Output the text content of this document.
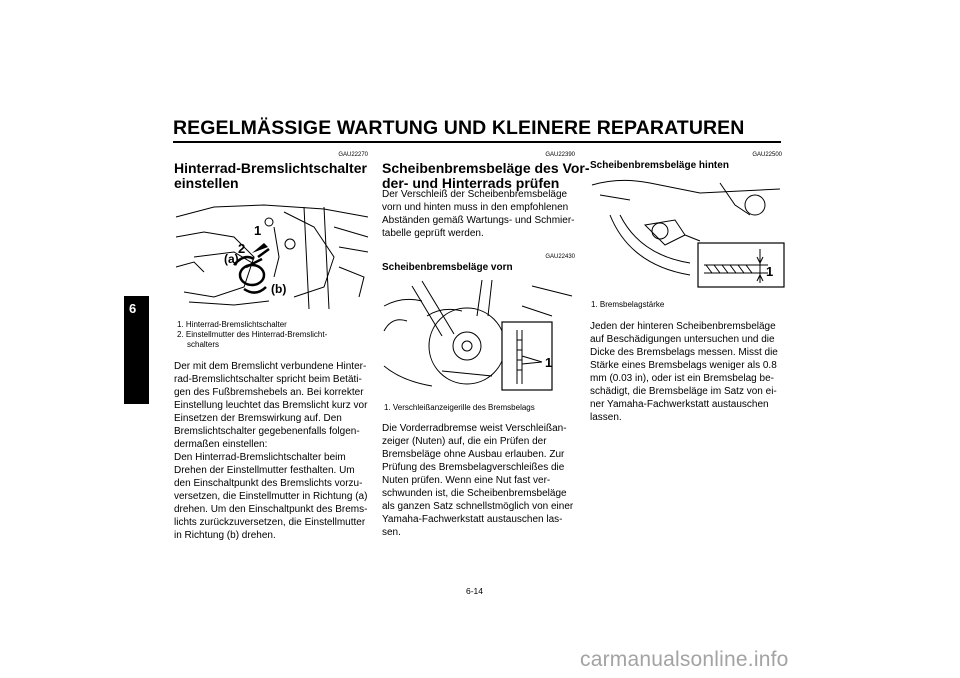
REGELMÄSSIGE WARTUNG UND KLEINERE REPARATUREN
6
GAU22270
Hinterrad-Bremslichtschalter
einstellen
1
2
(a)
(b)
1. Hinterrad-Bremslichtschalter
2. Einstellmutter des Hinterrad-Bremslicht-
schalters
Der mit dem Bremslicht verbundene Hinter-
rad-Bremslichtschalter spricht beim Betäti-
gen des Fußbremshebels an. Bei korrekter
Einstellung leuchtet das Bremslicht kurz vor
Einsetzen der Bremswirkung auf. Den
Bremslichtschalter gegebenenfalls folgen-
dermaßen einstellen:
Den Hinterrad-Bremslichtschalter beim
Drehen der Einstellmutter festhalten. Um
den Einschaltpunkt des Bremslichts vorzu-
versetzen, die Einstellmutter in Richtung (a)
drehen. Um den Einschaltpunkt des Brems-
lichts zurückzuversetzen, die Einstellmutter
in Richtung (b) drehen.
GAU22390
Scheibenbremsbeläge des Vor-
der- und Hinterrads prüfen
Der Verschleiß der Scheibenbremsbeläge
vorn und hinten muss in den empfohlenen
Abständen gemäß Wartungs- und Schmier-
tabelle geprüft werden.
GAU22430
Scheibenbremsbeläge vorn
1
1. Verschleißanzeigerille des Bremsbelags
Die Vorderradbremse weist Verschleißan-
zeiger (Nuten) auf, die ein Prüfen der
Bremsbeläge ohne Ausbau erlauben. Zur
Prüfung des Bremsbelagverschleißes die
Nuten prüfen. Wenn eine Nut fast ver-
schwunden ist, die Scheibenbremsbeläge
als ganzen Satz schnellstmöglich von einer
Yamaha-Fachwerkstatt austauschen las-
sen.
GAU22500
Scheibenbremsbeläge hinten
1
1. Bremsbelagstärke
Jeden der hinteren Scheibenbremsbeläge
auf Beschädigungen untersuchen und die
Dicke des Bremsbelags messen. Misst die
Stärke eines Bremsbelags weniger als 0.8
mm (0.03 in), oder ist ein Bremsbelag be-
schädigt, die Bremsbeläge im Satz von ei-
ner Yamaha-Fachwerkstatt austauschen
lassen.
6-14
carmanualsonline.info
